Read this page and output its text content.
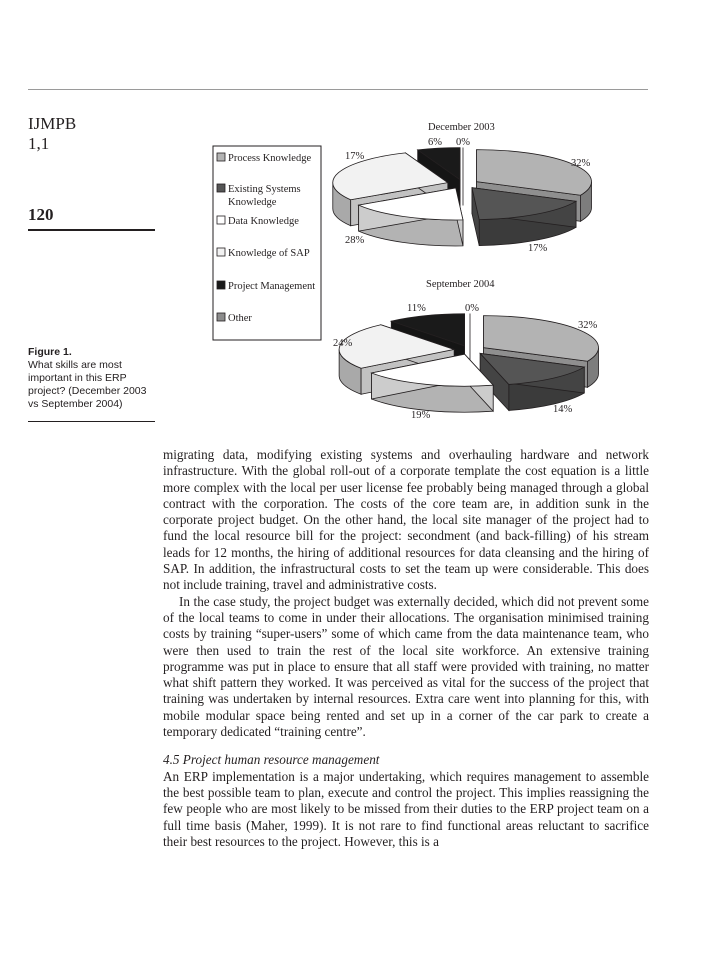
IJMPB
1,1
120
Figure 1.
What skills are most important in this ERP project? (December 2003 vs September 2004)
Process Knowledge
Existing Systems Knowledge
Data Knowledge
Knowledge of SAP
Project Management
Other
December 2003
September 2004
6% 0%
32%
17%
28%
17%
11%	0%
32%
24%
19%
14%

migrating data, modifying existing systems and overhauling hardware and network infrastructure. With the global roll-out of a corporate template the cost equation is a little more complex with the local per user license fee probably being managed through a global contract with the corporation. The costs of the core team are, in addition sunk in the corporate project budget. On the other hand, the local site manager of the project had to fund the local resource bill for the project: secondment (and back-filling) of his stream leads for 12 months, the hiring of additional resources for data cleansing and the hiring of SAP. In addition, the infrastructural costs to set the team up were considerable. This does not include training, travel and administrative costs.

In the case study, the project budget was externally decided, which did not prevent some of the local teams to come in under their allocations. The organisation minimised training costs by training “super-users” some of which came from the data maintenance team, who were then used to train the rest of the local site workforce. An extensive training programme was put in place to ensure that all staff were provided with training, no matter what shift pattern they worked. It was perceived as vital for the success of the project that training was undertaken by internal resources. Extra care went into planning for this, with mobile modular space being rented and set up in a corner of the car park to create a temporary dedicated “training centre”.

4.5 Project human resource management

An ERP implementation is a major undertaking, which requires management to assemble the best possible team to plan, execute and control the project. This implies reassigning the few people who are most likely to be missed from their duties to the ERP project team on a full time basis (Maher, 1999). It is not rare to find functional areas reluctant to sacrifice their best resources to the project. However, this is a
